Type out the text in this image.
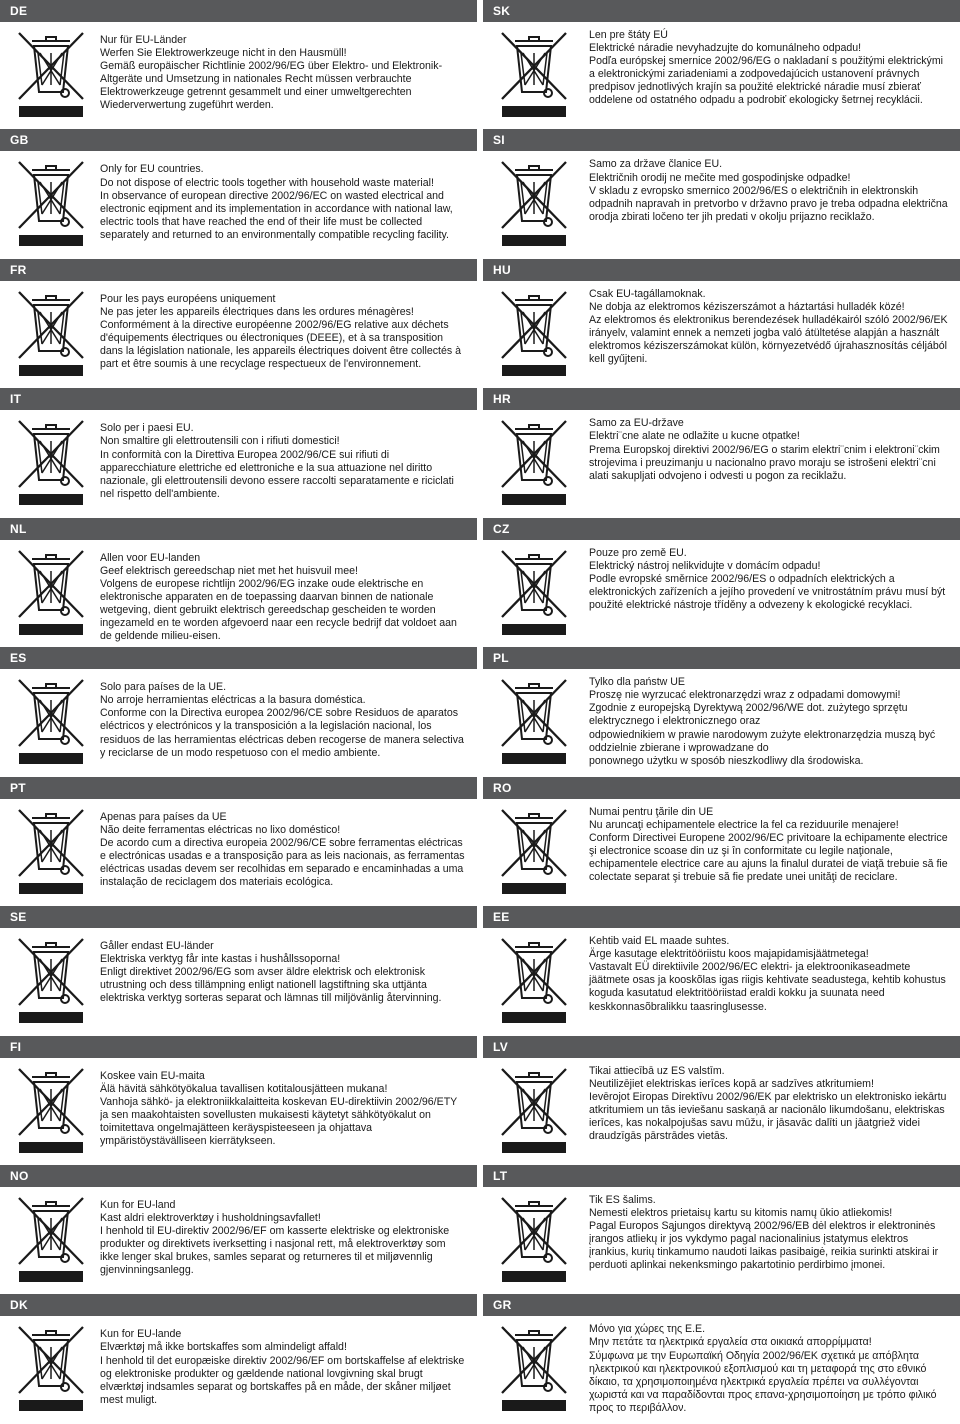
DE
Nur für EU-Länder
Werfen Sie Elektrowerkzeuge nicht in den Hausmüll!
Gemäß europäischer Richtlinie 2002/96/EG über Elektro- und Elektronik-Altgeräte und Umsetzung in nationales Recht müssen verbrauchte Elektrowerkzeuge getrennt gesammelt und einer umweltgerechten Wiederverwertung zugeführt werden.
SK
Len pre štáty EÚ
Elektrické náradie nevyhadzujte do komunálneho odpadu!
Podľa európskej smernice 2002/96/EG o nakladaní s použitými elektrickými a elektronickými zariadeniami a zodpovedajúcich ustanovení právnych predpisov jednotlivých krajín sa použité elektrické náradie musí zbierať oddelene od ostatného odpadu a podrobiť ekologicky šetrnej recyklácii.
GB
Only for EU countries.
Do not dispose of electric tools together with household waste material!
In observance of european directive 2002/96/EC on wasted electrical and electronic eqipment and its implementation in accordance with national law, electric tools that have reached the end of their life must be collected separately and returned to an environmentally compatible recycling facility.
SI
Samo za države članice EU.
Električnih orodij ne mečite med gospodinjske odpadke!
V skladu z evropsko smernico 2002/96/ES o električnih in elektronskih odpadnih napravah in pretvorbo v državno pravo je treba odpadna električna orodja zbirati ločeno ter jih predati v okolju prijazno reciklažo.
FR
Pour les pays européens uniquement
Ne pas jeter les appareils électriques dans les ordures ménagères!
Conformément à la directive européenne 2002/96/EG relative aux déchets d'équipements électriques ou électroniques (DEEE), et à sa transposition dans la législation nationale, les appareils électriques doivent être collectés à part et être soumis à une recyclage respectueux de l'environnement.
HU
Csak EU-tagállamoknak.
Ne dobja az elektromos kéziszerszámot a háztartási hulladék közé!
Az elektromos és elektronikus berendezések hulladékairól szóló 2002/96/EK irányelv, valamint ennek a nemzeti jogba való átültetése alapján a használt elektromos kéziszerszámokat külön, környezetvédő újrahasznosítás céljából kell gyűjteni.
IT
Solo per i paesi EU.
Non smaltire gli elettroutensili con i rifiuti domestici!
In conformità con la Direttiva Europea 2002/96/CE sui rifiuti di apparecchiature elettriche ed elettroniche e la sua attuazione nel diritto nazionale, gli elettroutensili devono essere raccolti separatamente e riciclati nel rispetto dell'ambiente.
HR
Samo za EU-države
Elektri¨cne alate ne odlažite u kucne otpatke!
Prema Europskoj direktivi 2002/96/EG o starim elektri¨cnim i elektroni¨ckim strojevima i preuzimanju u nacionalno pravo moraju se istrošeni elektri¨cni alati sakupljati odvojeno i odvesti u pogon za reciklažu.
NL
Allen voor EU-landen
Geef elektrisch gereedschap niet met het huisvuil mee!
Volgens de europese richtlijn 2002/96/EG inzake oude elektrische en elektronische apparaten en de toepassing daarvan binnen de nationale wetgeving, dient gebruikt elektrisch gereedschap gescheiden te worden ingezameld en te worden afgevoerd naar een recycle bedrijf dat voldoet aan de geldende milieu-eisen.
CZ
Pouze pro země EU.
Elektrický nástroj nelikvidujte v domácím odpadu!
Podle evropské směrnice 2002/96/ES o odpadních elektrických a elektronických zařízeních a jejího provedení ve vnitrostátním právu musí být použité elektrické nástroje tříděny a odvezeny k ekologické recyklaci.
ES
Solo para países de la UE.
No arroje herramientas eléctricas a la basura doméstica.
Conforme con la Directiva europea 2002/96/CE sobre Residuos de aparatos eléctricos y electrónicos y la transposición a la legislación nacional, los residuos de las herramientas eléctricas deben recogerse de manera selectiva y reciclarse de un modo respetuoso con el medio ambiente.
PL
Tylko dla państw UE
Proszę nie wyrzucać elektronarzędzi wraz z odpadami domowymi!
Zgodnie z europejską Dyrektywą 2002/96/WE dot. zużytego sprzętu elektrycznego i elektronicznego oraz
odpowiednikiem w prawie narodowym zużyte elektronarzędzia muszą być oddzielnie zbierane i wprowadzane do
ponownego użytku w sposób nieszkodliwy dla środowiska.
PT
Apenas para países da UE
Não deite ferramentas eléctricas no lixo doméstico!
De acordo cum a directiva europeia 2002/96/CE sobre ferramentas eléctricas e electrónicas usadas e a transposição para as leis nacionais, as ferramentas eléctricas usadas devem ser recolhidas em separado e encaminhadas a uma instalação de reciclagem dos materiais ecológica.
RO
Numai pentru ţările din UE
Nu aruncaţi echipamentele electrice la fel ca reziduurile menajere!
Conform Directivei Europene 2002/96/EC privitoare la echipamente electrice şi electronice scoase din uz şi în conformitate cu legile naţionale, echipamentele electrice care au ajuns la finalul duratei de viaţă trebuie să fie colectate separat şi trebuie să fie predate unei unităţi de reciclare.
SE
Gåller endast EU-länder
Elektriska verktyg får inte kastas i hushållssoporna!
Enligt direktivet 2002/96/EG som avser äldre elektrisk och elektronisk utrustning och dess tillämpning enligt nationell lagstiftning ska uttjänta elektriska verktyg sorteras separat och lämnas till miljövänlig återvinning.
EE
Kehtib vaid EL maade suhtes.
Ärge kasutage elektritööriistu koos majapidamisjäätmetega!
Vastavalt EÜ direktiivile 2002/96/EC elektri- ja elektroonikaseadmete jäätmete osas ja kooskõlas igas riigis kehtivate seadustega, kehtib kohustus koguda kasutatud elektritööriistad eraldi kokku ja suunata need keskkonnasõbralikku taasringlusesse.
FI
Koskee vain EU-maita
Älä hävitä sähkötyökalua tavallisen kotitalousjätteen mukana!
Vanhoja sähkö- ja elektroniikkalaitteita koskevan EU-direktiivin 2002/96/ETY ja sen maakohtaisten sovellusten mukaisesti käytetyt sähkötyökalut on toimitettava ongelmajätteen keräyspisteeseen ja ohjattava ympäristöystävälliseen kierrätykseen.
LV
Tikai attiecībā uz ES valstīm.
Neutilizējiet elektriskas ierīces kopā ar sadzīves atkritumiem!
Ievērojot Eiropas Direktīvu 2002/96/EK par elektrisko un elektronisko iekārtu atkritumiem un tās ieviešanu saskaņā ar nacionālo likumdošanu, elektriskas ierīces, kas nokalpojušas savu mūžu, ir jāsavāc dalīti un jāatgriež videi draudzīgās pārstrādes vietās.
NO
Kun for EU-land
Kast aldri elektroverktøy i husholdningsavfallet!
I henhold til EU-direktiv 2002/96/EF om kasserte elektriske og elektroniske produkter og direktivets iverksetting i nasjonal rett, må elektroverktøy som ikke lenger skal brukes, samles separat og returneres til et miljøvennlig gjenvinningsanlegg.
LT
Tik ES šalims.
Nemesti elektros prietaisų kartu su kitomis namų ūkio atliekomis!
Pagal Europos Sąjungos direktyvą 2002/96/EB dėl elektros ir elektroninės įrangos atliekų ir jos vykdymo pagal nacionalinius įstatymus elektros įrankius, kurių tinkamumo naudoti laikas pasibaigė, reikia surinkti atskirai ir perduoti aplinkai nekenksmingo pakartotinio perdirbimo įmonei.
DK
Kun for EU-lande
Elværktøj må ikke bortskaffes som almindeligt affald!
I henhold til det europæiske direktiv 2002/96/EF om bortskaffelse af elektriske og elektroniske produkter og gældende national lovgivning skal brugt elværktøj indsamles separat og bortskaffes på en måde, der skåner miljøet mest muligt.
GR
Μόνο για χώρες της Ε.Ε.
Μην πετάτε τα ηλεκτρικά εργαλεία στα οικιακά απορρίμματα!
Σύμφωνα με την Ευρωπαϊκή Οδηγία 2002/96/ΕΚ σχετικά με απόβλητα ηλεκτρικού και ηλεκτρονικού εξοπλισμού και τη μεταφορά της στο εθνικό δίκαιο, τα χρησιμοποιημένα ηλεκτρικά εργαλεία πρέπει να συλλέγονται χωριστά και να παραδίδονται προς επανα-χρησιμοποίηση με τρόπο φιλικό προς το περιβάλλον.
